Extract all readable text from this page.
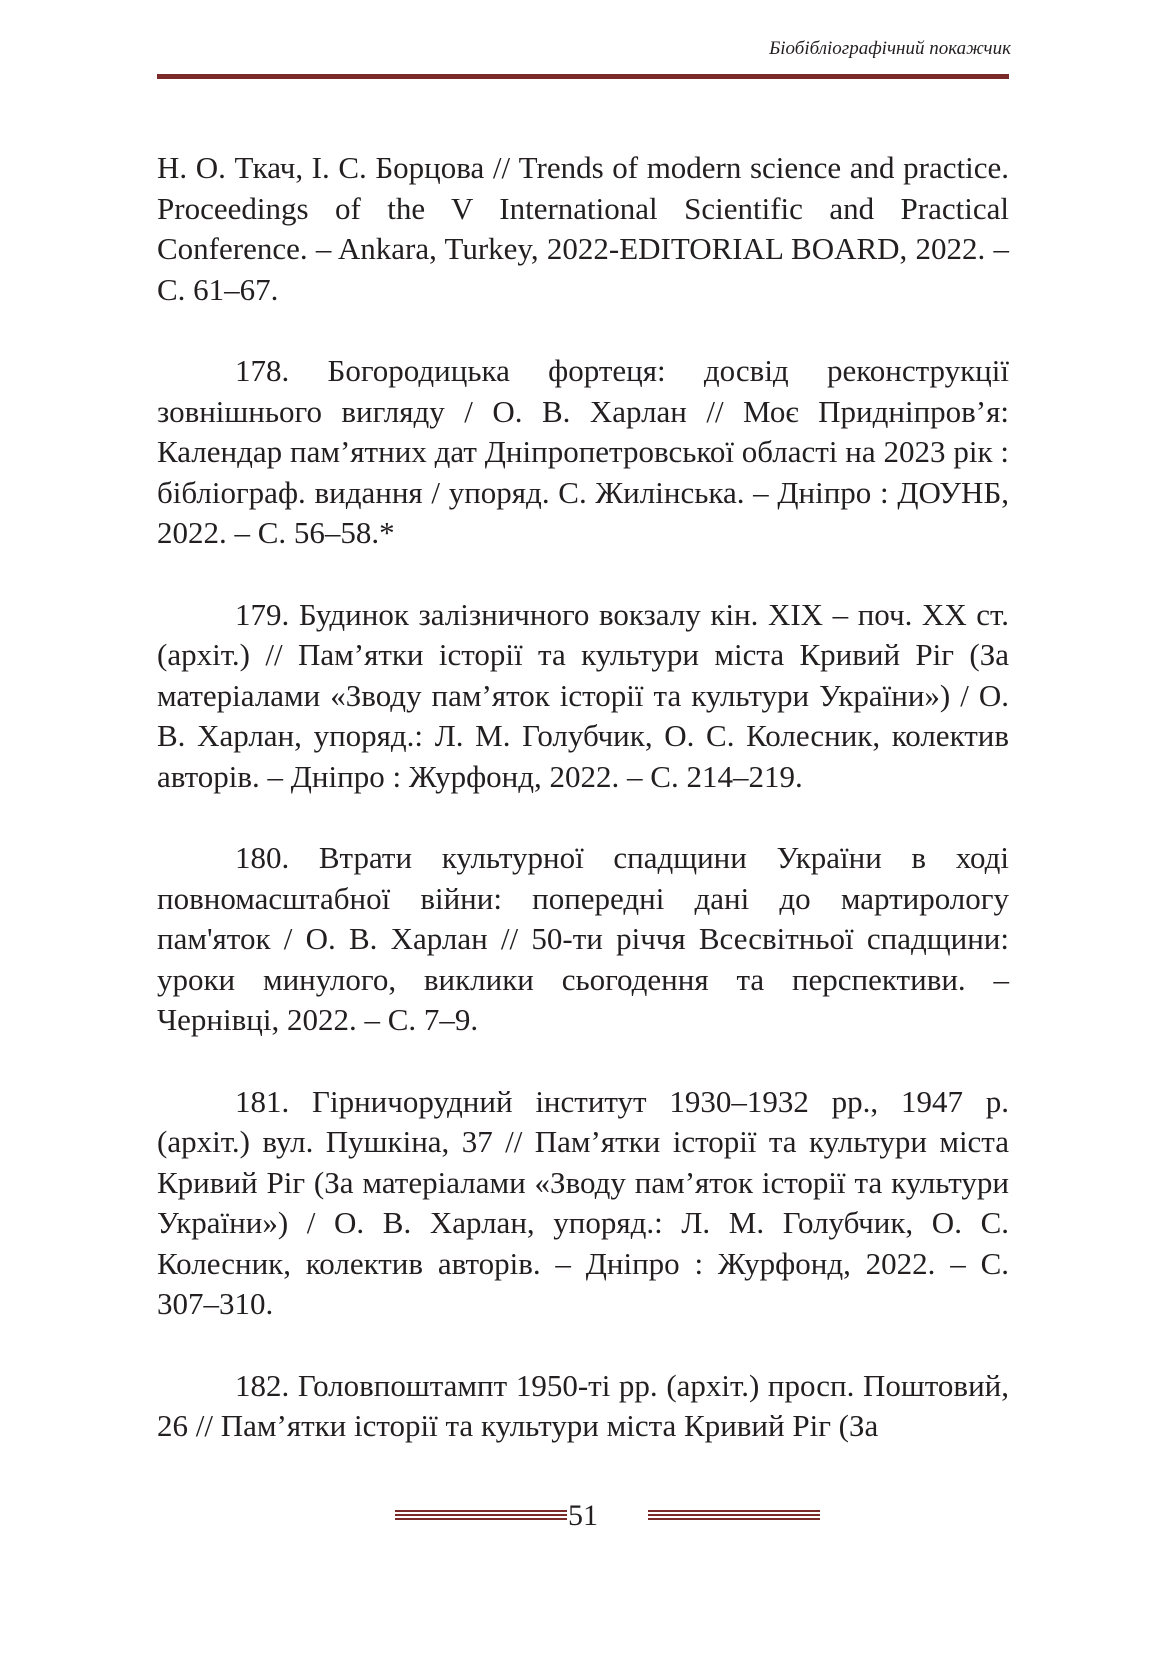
Біобібліографічний покажчик

Н. О. Ткач, І. С. Борцова // Trends of modern science and practice. Proceedings of the V International Scientific and Practical Conference. – Ankara, Turkey, 2022-EDITORIAL BOARD, 2022. – С. 61–67.

178. Богородицька фортеця: досвід реконструкції зовнішнього вигляду / О. В. Харлан // Моє Придніпров’я: Календар пам’ятних дат Дніпропетровської області на 2023 рік : бібліограф. видання / упоряд. С. Жилінська. – Дніпро : ДОУНБ, 2022. – С. 56–58.*

179. Будинок залізничного вокзалу кін. XIX – поч. XX ст. (архіт.) // Пам’ятки історії та культури міста Кривий Ріг (За матеріалами «Зводу пам’яток історії та культури України») / О. В. Харлан, упоряд.: Л. М. Голубчик, О. С. Колесник, колектив авторів. – Дніпро : Журфонд, 2022. – С. 214–219.

180. Втрати культурної спадщини України в ході повномасштабної війни: попередні дані до мартирологу пам'яток / О. В. Харлан // 50-ти річчя Всесвітньої спадщини: уроки минулого, виклики сьогодення та перспективи. – Чернівці, 2022. – С. 7–9.

181. Гірничорудний інститут 1930–1932 рр., 1947 р. (архіт.) вул. Пушкіна, 37 // Пам’ятки історії та культури міста Кривий Ріг (За матеріалами «Зводу пам’яток історії та культури України») / О. В. Харлан, упоряд.: Л. М. Голубчик, О. С. Колесник, колектив авторів. – Дніпро : Журфонд, 2022. – С. 307–310.

182. Головпоштампт 1950-ті рр. (архіт.) просп. Поштовий, 26 // Пам’ятки історії та культури міста Кривий Ріг (За

51
